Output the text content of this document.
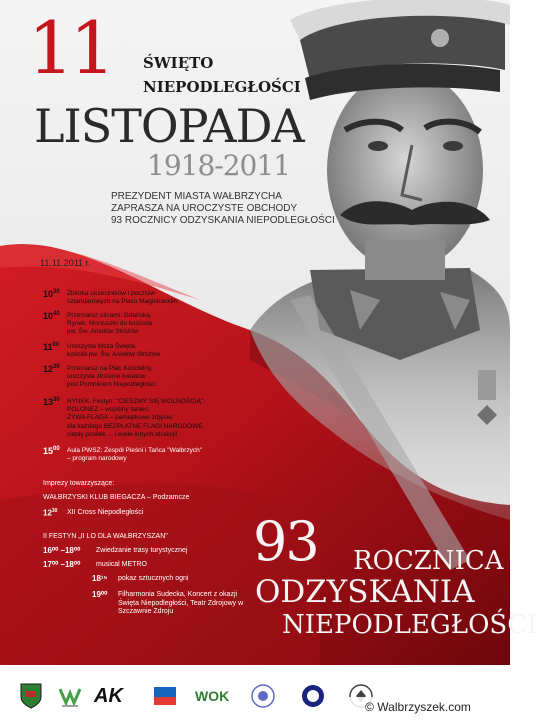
11 ŚWIĘTO
NIEPODLEGŁOŚCI
LISTOPADA
1918-2011
PREZYDENT MIASTA WAŁBRZYCHA
ZAPRASZA NA UROCZYSTE OBCHODY
93 ROCZNICY ODZYSKANIA NIEPODLEGŁOŚCI
11.11.2011 r.
$10^{30}$ Zbiórka uczestników i pocztów
sztandarowych na Placu Magistrackim
$10^{40}$ Przemarsz ulicami: Gdańską,
Rynek, Moniuszki do kościoła
pw. Św. Aniołów Stróżów
$11^{00}$ Uroczysta Msza Święta,
kościół pw. Św. Aniołów Stróżów
$12^{30}$ Przemarsz na Plac Kościelny,
uroczyste złożenie kwiatów
pod Pomnikiem Niepodległości
$13^{30}$ RYNEK: Festyn: "CIESZMY SIĘ WOLNOŚCIĄ":
POLONEZ – wspólny taniec;
ŻYWA FLAGA – pamiątkowe zdjęcie;
dla każdego BEZPŁATNE FLAGI NARODOWE,
ciepły posiłek ... i wiele innych atrakcji!
$15^{00}$ Aula PWSZ: Zespół Pieśni i Tańca "Wałbrzych"
– program narodowy
Imprezy towarzyszące:
WAŁBRZYSKI KLUB BIEGACZA – Podzamcze
$12^{30}$ XII Cross Niepodległości
II FESTYN „II LO DLA WAŁBRZYSZAN"
16⁰⁰ –18⁰⁰ Zwiedzanie trasy turystycznej
17⁰⁰ –18⁰⁰ musical METRO
18¹⁵ pokaz sztucznych ogni
19⁰⁰ Filharmonia Sudecka, Koncert z okazji Święta Niepodległości, Teatr Zdrojowy w Szczawnie Zdroju
93 ROCZNICA
ODZYSKANIA
NIEPODLEGŁOŚCI
AK	WOK
© Walbrzyszek.com
